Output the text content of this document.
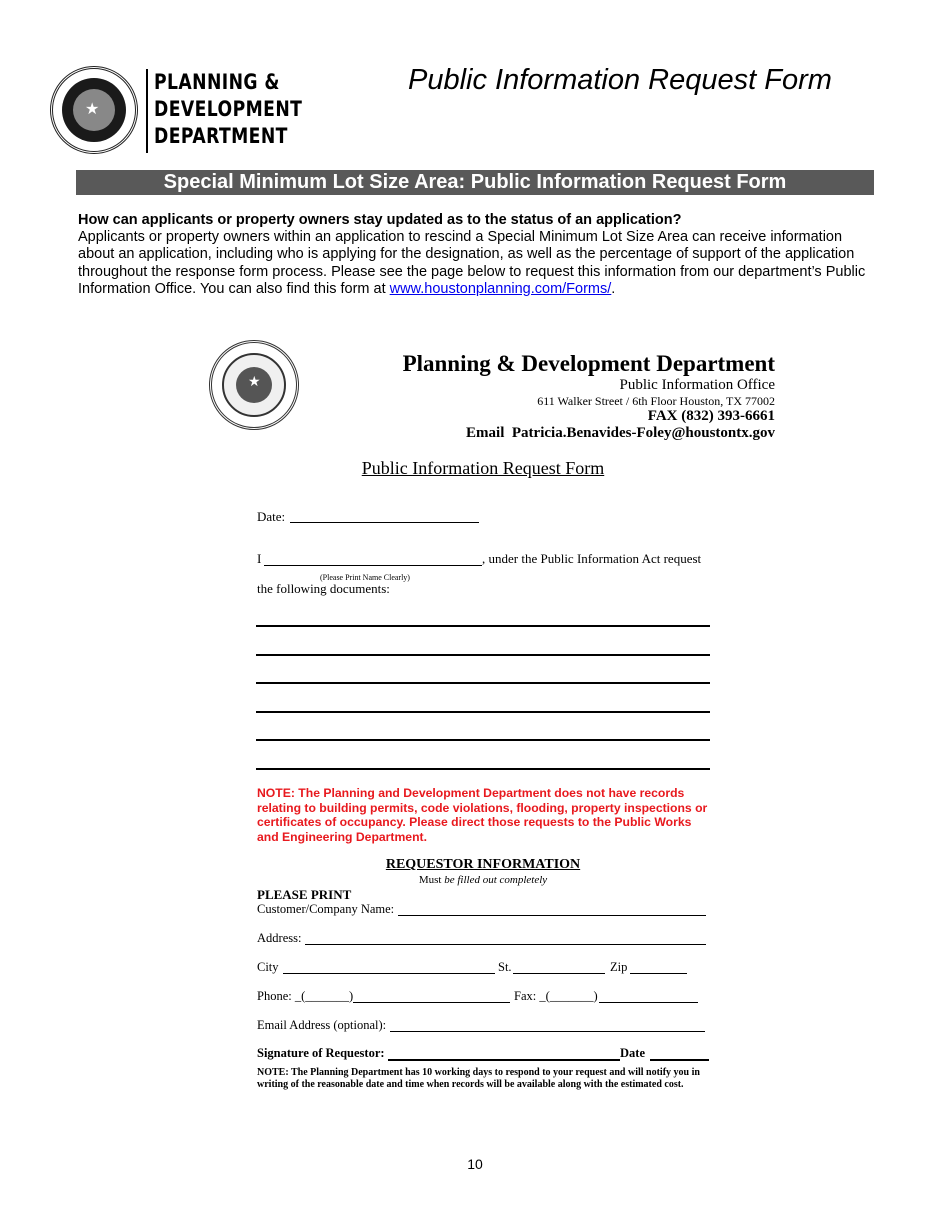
★
PLANNING &
DEVELOPMENT
DEPARTMENT
Public Information Request Form
Special Minimum Lot Size Area: Public Information Request Form
How can applicants or property owners stay updated as to the status of an application?
Applicants or property owners within an application to rescind a Special Minimum Lot Size Area can receive information about an application, including who is applying for the designation, as well as the percentage of support of the application throughout the response form process. Please see the page below to request this information from our department’s Public Information Office. You can also find this form at www.houstonplanning.com/Forms/.
★
Planning & Development Department
Public Information Office
611 Walker Street / 6th Floor Houston, TX 77002
FAX (832) 393-6661
Email Patricia.Benavides-Foley@houstontx.gov
Public Information Request Form
Date:
I	, under the Public Information Act request
(Please Print Name Clearly)
the following documents:
NOTE: The Planning and Development Department does not have records relating to building permits, code violations, flooding, property inspections or certificates of occupancy. Please direct those requests to the Public Works and Engineering Department.
REQUESTOR INFORMATION
Must be filled out completely
PLEASE PRINT
Customer/Company Name:
Address:
City	St.	Zip
Phone: _(_______)	Fax: _(_______)
Email Address (optional):
Signature of Requestor:	Date
NOTE: The Planning Department has 10 working days to respond to your request and will notify you in writing of the reasonable date and time when records will be available along with the estimated cost.
10
